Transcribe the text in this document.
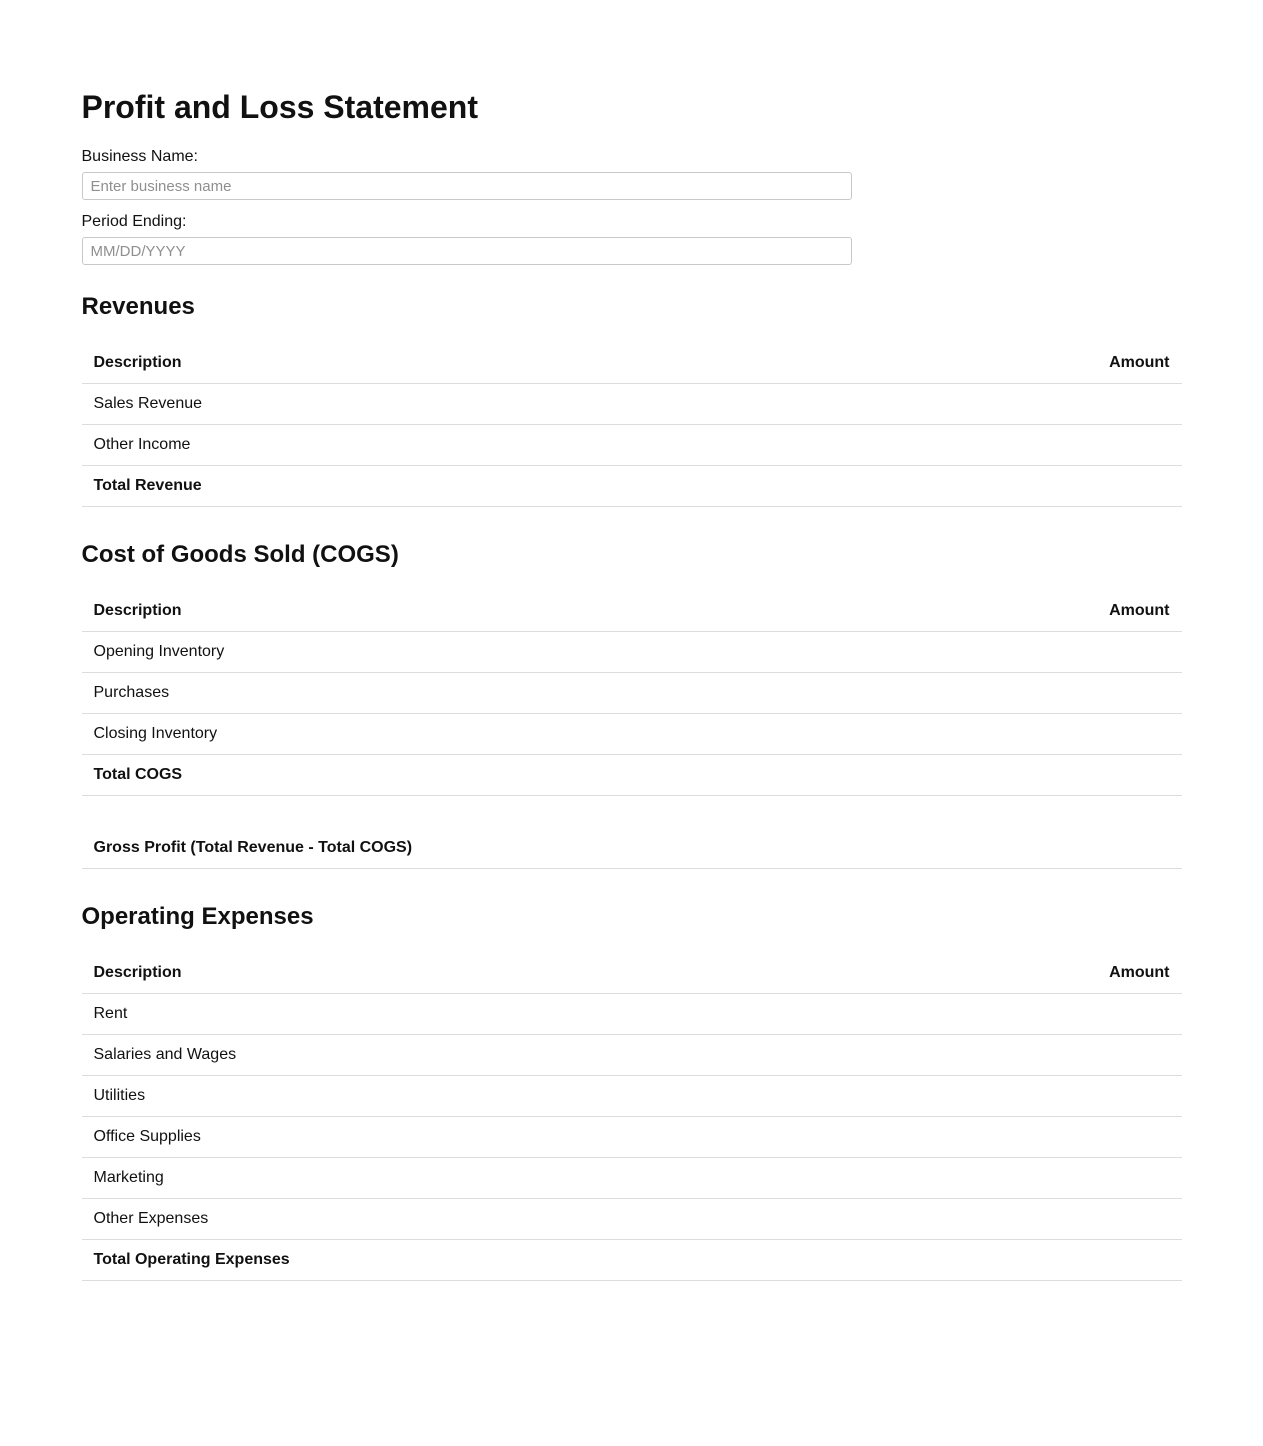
Profit and Loss Statement
Business Name:
Enter business name
Period Ending:
MM/DD/YYYY
Revenues
Description	Amount
Sales Revenue	
Other Income	
Total Revenue	
Cost of Goods Sold (COGS)
Description	Amount
Opening Inventory	
Purchases	
Closing Inventory	
Total COGS	
Gross Profit (Total Revenue - Total COGS)	
Operating Expenses
Description	Amount
Rent	
Salaries and Wages	
Utilities	
Office Supplies	
Marketing	
Other Expenses	
Total Operating Expenses	
